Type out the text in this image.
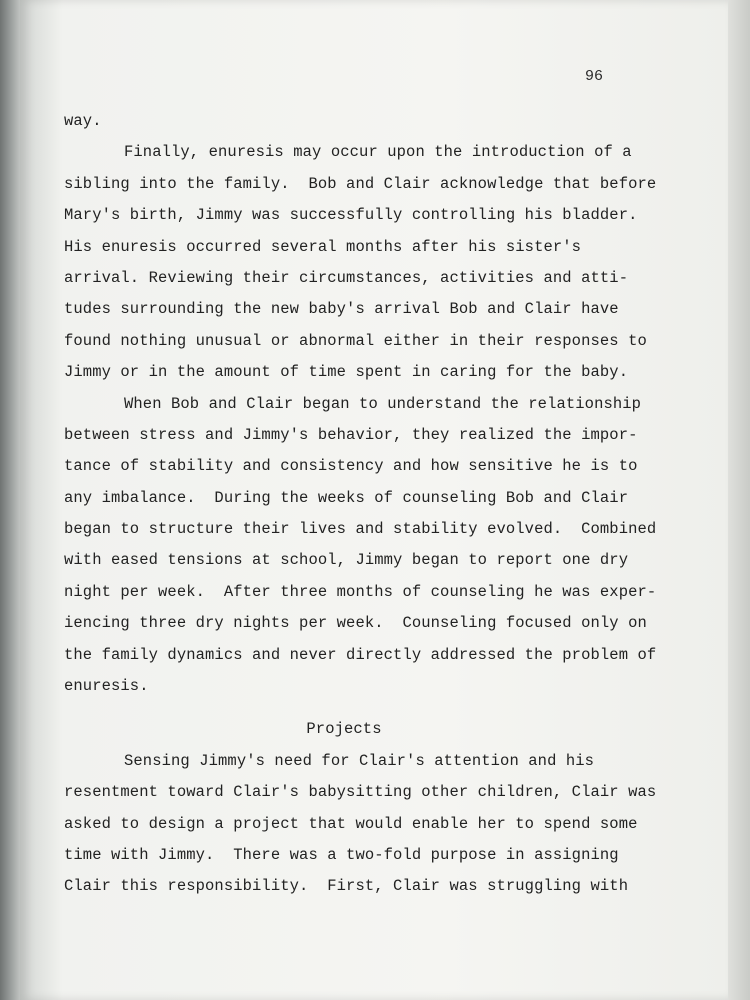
96
way.
Finally, enuresis may occur upon the introduction of a
sibling into the family.  Bob and Clair acknowledge that before
Mary's birth, Jimmy was successfully controlling his bladder.
His enuresis occurred several months after his sister's
arrival. Reviewing their circumstances, activities and atti-
tudes surrounding the new baby's arrival Bob and Clair have
found nothing unusual or abnormal either in their responses to
Jimmy or in the amount of time spent in caring for the baby.
When Bob and Clair began to understand the relationship
between stress and Jimmy's behavior, they realized the impor-
tance of stability and consistency and how sensitive he is to
any imbalance.  During the weeks of counseling Bob and Clair
began to structure their lives and stability evolved.  Combined
with eased tensions at school, Jimmy began to report one dry
night per week.  After three months of counseling he was exper-
iencing three dry nights per week.  Counseling focused only on
the family dynamics and never directly addressed the problem of
enuresis.
Projects
Sensing Jimmy's need for Clair's attention and his
resentment toward Clair's babysitting other children, Clair was
asked to design a project that would enable her to spend some
time with Jimmy.  There was a two-fold purpose in assigning
Clair this responsibility.  First, Clair was struggling with
